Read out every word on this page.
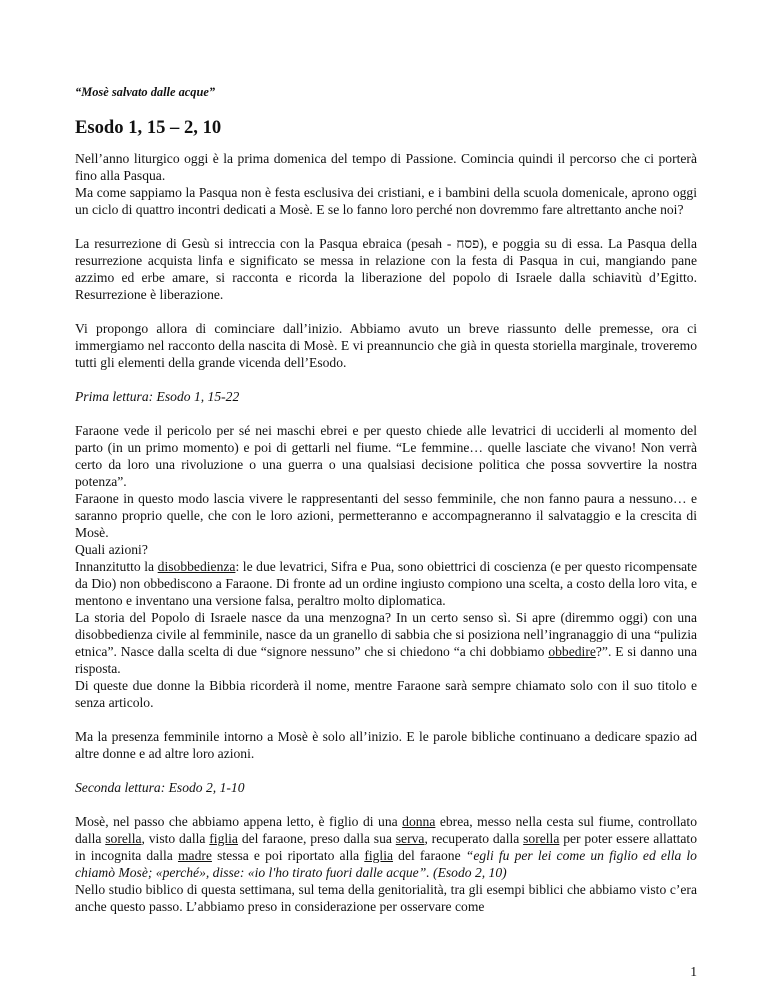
“Mosè salvato dalle acque”
Esodo 1, 15 – 2, 10

Nell’anno liturgico oggi è la prima domenica del tempo di Passione. Comincia quindi il percorso che ci porterà fino alla Pasqua.

Ma come sappiamo la Pasqua non è festa esclusiva dei cristiani, e i bambini della scuola domenicale, aprono oggi un ciclo di quattro incontri dedicati a Mosè. E se lo fanno loro perché non dovremmo fare altrettanto anche noi?

La resurrezione di Gesù si intreccia con la Pasqua ebraica (pesah - פסח), e poggia su di essa. La Pasqua della resurrezione acquista linfa e significato se messa in relazione con la festa di Pasqua in cui, mangiando pane azzimo ed erbe amare, si racconta e ricorda la liberazione del popolo di Israele dalla schiavitù d’Egitto. Resurrezione è liberazione.

Vi propongo allora di cominciare dall’inizio. Abbiamo avuto un breve riassunto delle premesse, ora ci immergiamo nel racconto della nascita di Mosè. E vi preannuncio che già in questa storiella marginale, troveremo tutti gli elementi della grande vicenda dell’Esodo.

Prima lettura: Esodo 1, 15-22

Faraone vede il pericolo per sé nei maschi ebrei e per questo chiede alle levatrici di ucciderli al momento del parto (in un primo momento) e poi di gettarli nel fiume. “Le femmine… quelle lasciate che vivano! Non verrà certo da loro una rivoluzione o una guerra o una qualsiasi decisione politica che possa sovvertire la nostra potenza”.

Faraone in questo modo lascia vivere le rappresentanti del sesso femminile, che non fanno paura a nessuno… e saranno proprio quelle, che con le loro azioni, permetteranno e accompagneranno il salvataggio e la crescita di Mosè.

Quali azioni?

Innanzitutto la disobbedienza: le due levatrici, Sifra e Pua, sono obiettrici di coscienza (e per questo ricompensate da Dio) non obbediscono a Faraone. Di fronte ad un ordine ingiusto compiono una scelta, a costo della loro vita, e mentono e inventano una versione falsa, peraltro molto diplomatica.

La storia del Popolo di Israele nasce da una menzogna? In un certo senso sì. Si apre (diremmo oggi) con una disobbedienza civile al femminile, nasce da un granello di sabbia che si posiziona nell’ingranaggio di una “pulizia etnica”. Nasce dalla scelta di due “signore nessuno” che si chiedono “a chi dobbiamo obbedire?”. E si danno una risposta.

Di queste due donne la Bibbia ricorderà il nome, mentre Faraone sarà sempre chiamato solo con il suo titolo e senza articolo.

Ma la presenza femminile intorno a Mosè è solo all’inizio. E le parole bibliche continuano a dedicare spazio ad altre donne e ad altre loro azioni.

Seconda lettura: Esodo 2, 1-10

Mosè, nel passo che abbiamo appena letto, è figlio di una donna ebrea, messo nella cesta sul fiume, controllato dalla sorella, visto dalla figlia del faraone, preso dalla sua serva, recuperato dalla sorella per poter essere allattato in incognita dalla madre stessa e poi riportato alla figlia del faraone “egli fu per lei come un figlio ed ella lo chiamò Mosè; «perché», disse: «io l'ho tirato fuori dalle acque”. (Esodo 2, 10)

Nello studio biblico di questa settimana, sul tema della genitorialità, tra gli esempi biblici che abbiamo visto c’era anche questo passo. L’abbiamo preso in considerazione per osservare come

1
